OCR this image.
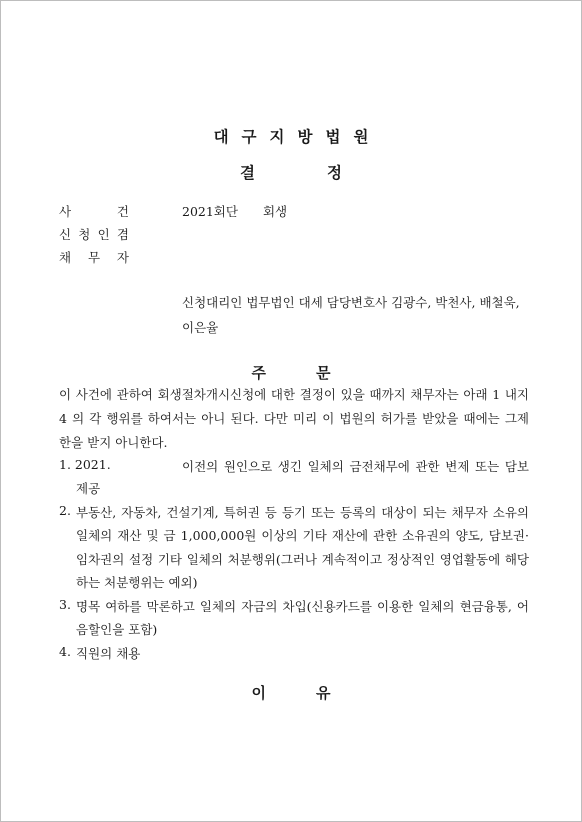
대구지방법원
결정
사	건	2021회단　　회생
신 청 인 겸
채 무 자
신청대리인 법무법인 대세 담당변호사 김광수, 박천사, 배철욱,
이은율
주문
이 사건에 관하여 회생절차개시신청에 대한 결정이 있을 때까지 채무자는 아래 1 내지
4 의 각 행위를 하여서는 아니 된다. 다만 미리 이 법원의 허가를 받았을 때에는 그제
한을 받지 아니한다.
1. 2021.	이전의 원인으로 생긴 일체의 금전채무에 관한 변제 또는 담보
제공
2. 부동산, 자동차, 건설기계, 특허권 등 등기 또는 등록의 대상이 되는 채무자 소유의
일체의 재산 및 금 1,000,000원 이상의 기타 재산에 관한 소유권의 양도, 담보권·
임차권의 설정 기타 일체의 처분행위(그러나 계속적이고 정상적인 영업활동에 해당
하는 처분행위는 예외)
3. 명목 여하를 막론하고 일체의 자금의 차입(신용카드를 이용한 일체의 현금융통, 어
음할인을 포함)
4. 직원의 채용
이유
